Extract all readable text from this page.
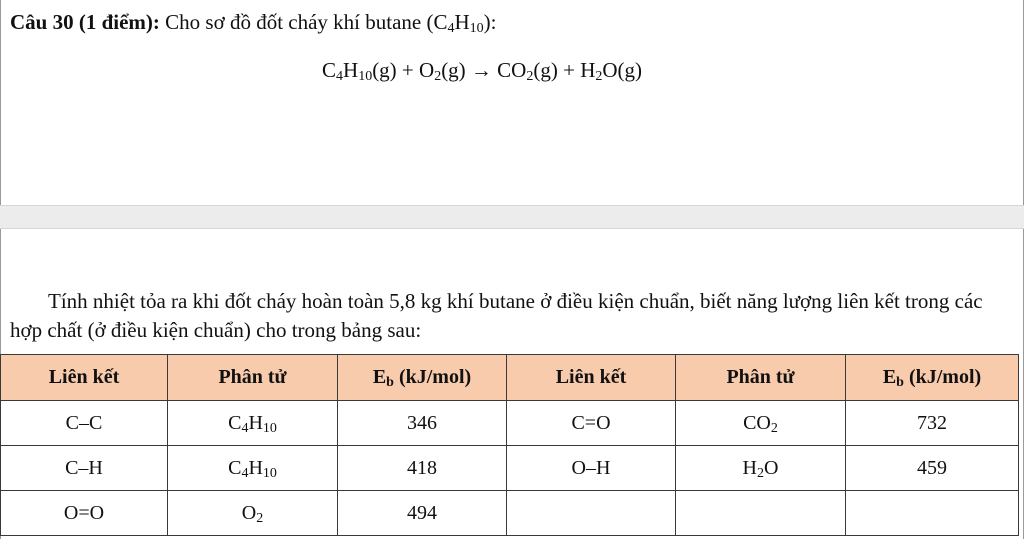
Câu 30 (1 điểm): Cho sơ đồ đốt cháy khí butane $(C_4H_{10})$:
$C_4H_{10}(g) + O_2(g) \to CO_2(g) + H_2O(g)$
Tính nhiệt tỏa ra khi đốt cháy hoàn toàn 5,8 kg khí butane ở điều kiện chuẩn, biết năng lượng liên kết trong các hợp chất (ở điều kiện chuẩn) cho trong bảng sau:
Liên kết	Phân tử	$E_b$ (kJ/mol)	Liên kết	Phân tử	$E_b$ (kJ/mol)
C–C	$C_4H_{10}$	346	C=O	$CO_2$	732
C–H	$C_4H_{10}$	418	O–H	$H_2O$	459
O=O	$O_2$	494			
